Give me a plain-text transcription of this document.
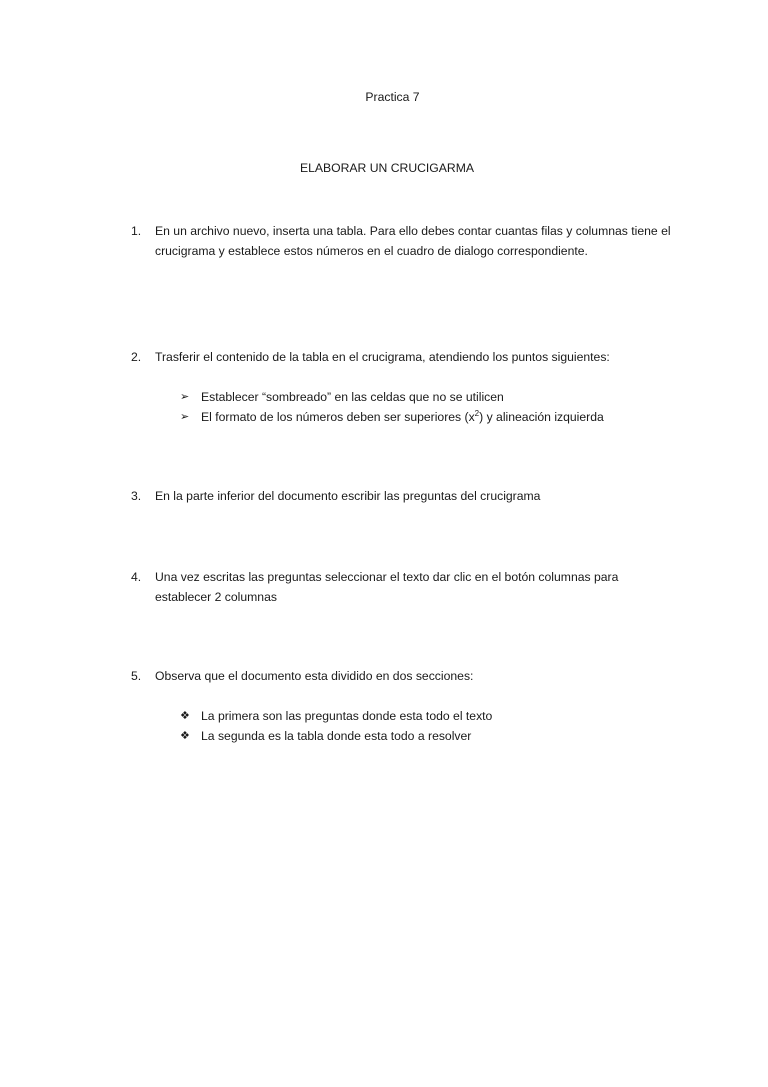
Practica 7

ELABORAR UN CRUCIGARMA

1.	En un archivo nuevo, inserta una tabla. Para ello debes contar cuantas filas y columnas tiene el crucigrama y establece estos números en el cuadro de dialogo correspondiente.
2.	Trasferir el contenido de la tabla en el crucigrama, atendiendo los puntos siguientes:
➢ Establecer “sombreado” en las celdas que no se utilicen
➢ El formato de los números deben ser superiores $(x^2)$ y alineación izquierda
3.	En la parte inferior del documento escribir las preguntas del crucigrama
4.	Una vez escritas las preguntas seleccionar el texto dar clic en el botón columnas para establecer 2 columnas
5.	Observa que el documento esta dividido en dos secciones:
❖ La primera son las preguntas donde esta todo el texto
❖ La segunda es la tabla donde esta todo a resolver
